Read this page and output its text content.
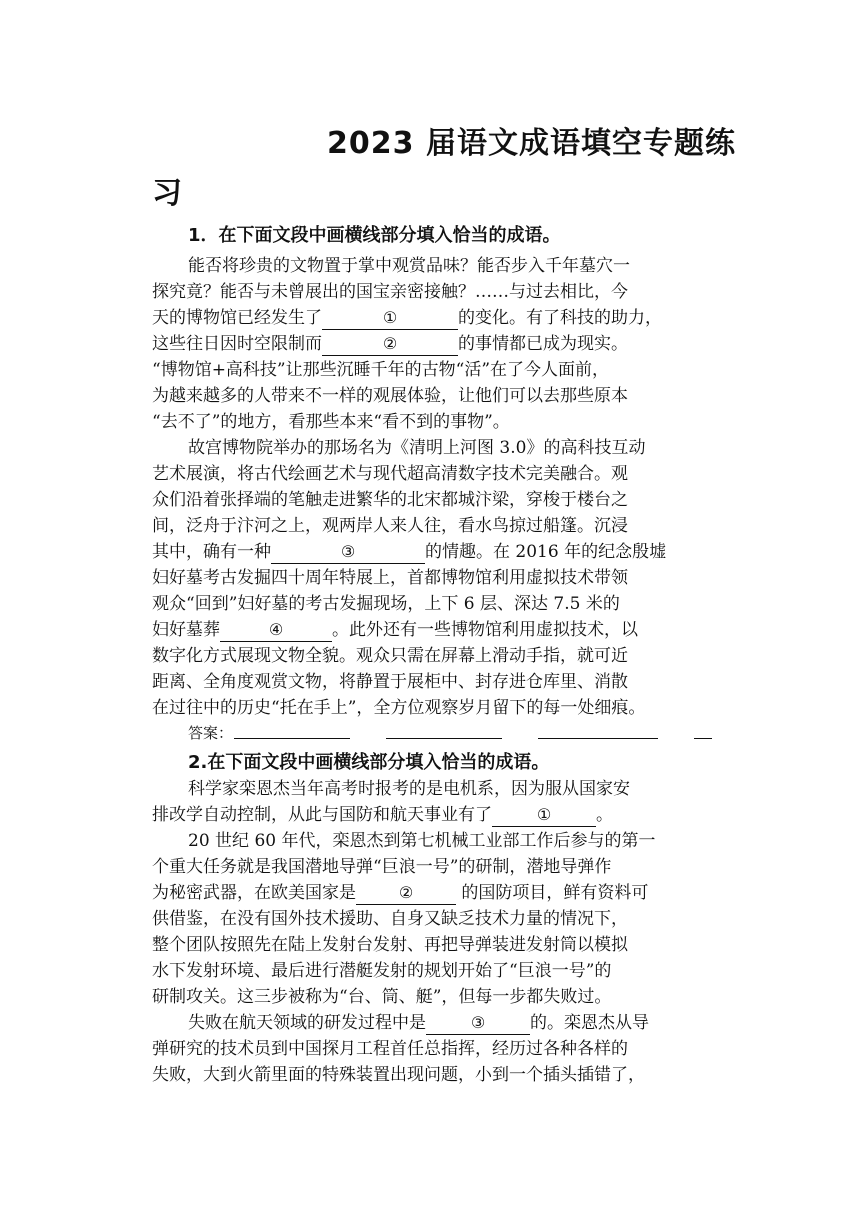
2023 届语文成语填空专题练
习
1．在下面文段中画横线部分填入恰当的成语。
能否将珍贵的文物置于掌中观赏品味？能否步入千年墓穴一
探究竟？能否与未曾展出的国宝亲密接触？……与过去相比，今
天的博物馆已经发生了	①	的变化。有了科技的助力，
这些往日因时空限制而	②	的事情都已成为现实。
“博物馆+高科技”让那些沉睡千年的古物“活”在了今人面前，
为越来越多的人带来不一样的观展体验，让他们可以去那些原本
“去不了”的地方，看那些本来“看不到的事物”。
故宫博物院举办的那场名为《清明上河图 3.0》的高科技互动
艺术展演，将古代绘画艺术与现代超高清数字技术完美融合。观
众们沿着张择端的笔触走进繁华的北宋都城汴梁，穿梭于楼台之
间，泛舟于汴河之上，观两岸人来人往，看水鸟掠过船篷。沉浸
其中，确有一种	③	的情趣。在 2016 年的纪念殷墟
妇好墓考古发掘四十周年特展上，首都博物馆利用虚拟技术带领
观众“回到”妇好墓的考古发掘现场，上下 6 层、深达 7.5 米的
妇好墓葬	④	。此外还有一些博物馆利用虚拟技术，以
数字化方式展现文物全貌。观众只需在屏幕上滑动手指，就可近
距离、全角度观赏文物，将静置于展柜中、封存进仓库里、消散
在过往中的历史“托在手上”，全方位观察岁月留下的每一处细痕。
答案：
2.在下面文段中画横线部分填入恰当的成语。
科学家栾恩杰当年高考时报考的是电机系，因为服从国家安
排改学自动控制，从此与国防和航天事业有了	①	。
20 世纪 60 年代，栾恩杰到第七机械工业部工作后参与的第一
个重大任务就是我国潜地导弹“巨浪一号”的研制，潜地导弹作
为秘密武器，在欧美国家是	②	的国防项目，鲜有资料可
供借鉴，在没有国外技术援助、自身又缺乏技术力量的情况下，
整个团队按照先在陆上发射台发射、再把导弹装进发射筒以模拟
水下发射环境、最后进行潜艇发射的规划开始了“巨浪一号”的
研制攻关。这三步被称为“台、筒、艇”，但每一步都失败过。
失败在航天领域的研发过程中是	③	的。栾恩杰从导
弹研究的技术员到中国探月工程首任总指挥，经历过各种各样的
失败，大到火箭里面的特殊装置出现问题，小到一个插头插错了，
